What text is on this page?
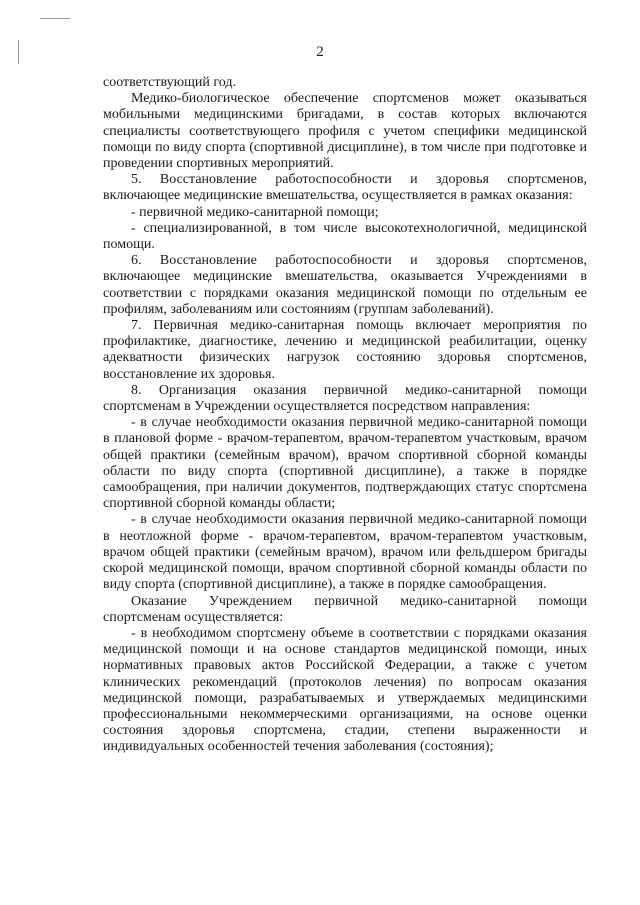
2

соответствующий год.

Медико-биологическое обеспечение спортсменов может оказываться мобильными медицинскими бригадами, в состав которых включаются специалисты соответствующего профиля с учетом специфики медицинской помощи по виду спорта (спортивной дисциплине), в том числе при подготовке и проведении спортивных мероприятий.

5. Восстановление работоспособности и здоровья спортсменов, включающее медицинские вмешательства, осуществляется в рамках оказания:

- первичной медико-санитарной помощи;

- специализированной, в том числе высокотехнологичной, медицинской помощи.

6. Восстановление работоспособности и здоровья спортсменов, включающее медицинские вмешательства, оказывается Учреждениями в соответствии с порядками оказания медицинской помощи по отдельным ее профилям, заболеваниям или состояниям (группам заболеваний).

7. Первичная медико-санитарная помощь включает мероприятия по профилактике, диагностике, лечению и медицинской реабилитации, оценку адекватности физических нагрузок состоянию здоровья спортсменов, восстановление их здоровья.

8. Организация оказания первичной медико-санитарной помощи спортсменам в Учреждении осуществляется посредством направления:

- в случае необходимости оказания первичной медико-санитарной помощи в плановой форме - врачом-терапевтом, врачом-терапевтом участковым, врачом общей практики (семейным врачом), врачом спортивной сборной команды области по виду спорта (спортивной дисциплине), а также в порядке самообращения, при наличии документов, подтверждающих статус спортсмена спортивной сборной команды области;

- в случае необходимости оказания первичной медико-санитарной помощи в неотложной форме - врачом-терапевтом, врачом-терапевтом участковым, врачом общей практики (семейным врачом), врачом или фельдшером бригады скорой медицинской помощи, врачом спортивной сборной команды области по виду спорта (спортивной дисциплине), а также в порядке самообращения.

Оказание Учреждением первичной медико-санитарной помощи спортсменам осуществляется:

- в необходимом спортсмену объеме в соответствии с порядками оказания медицинской помощи и на основе стандартов медицинской помощи, иных нормативных правовых актов Российской Федерации, а также с учетом клинических рекомендаций (протоколов лечения) по вопросам оказания медицинской помощи, разрабатываемых и утверждаемых медицинскими профессиональными некоммерческими организациями, на основе оценки состояния здоровья спортсмена, стадии, степени выраженности и индивидуальных особенностей течения заболевания (состояния);
